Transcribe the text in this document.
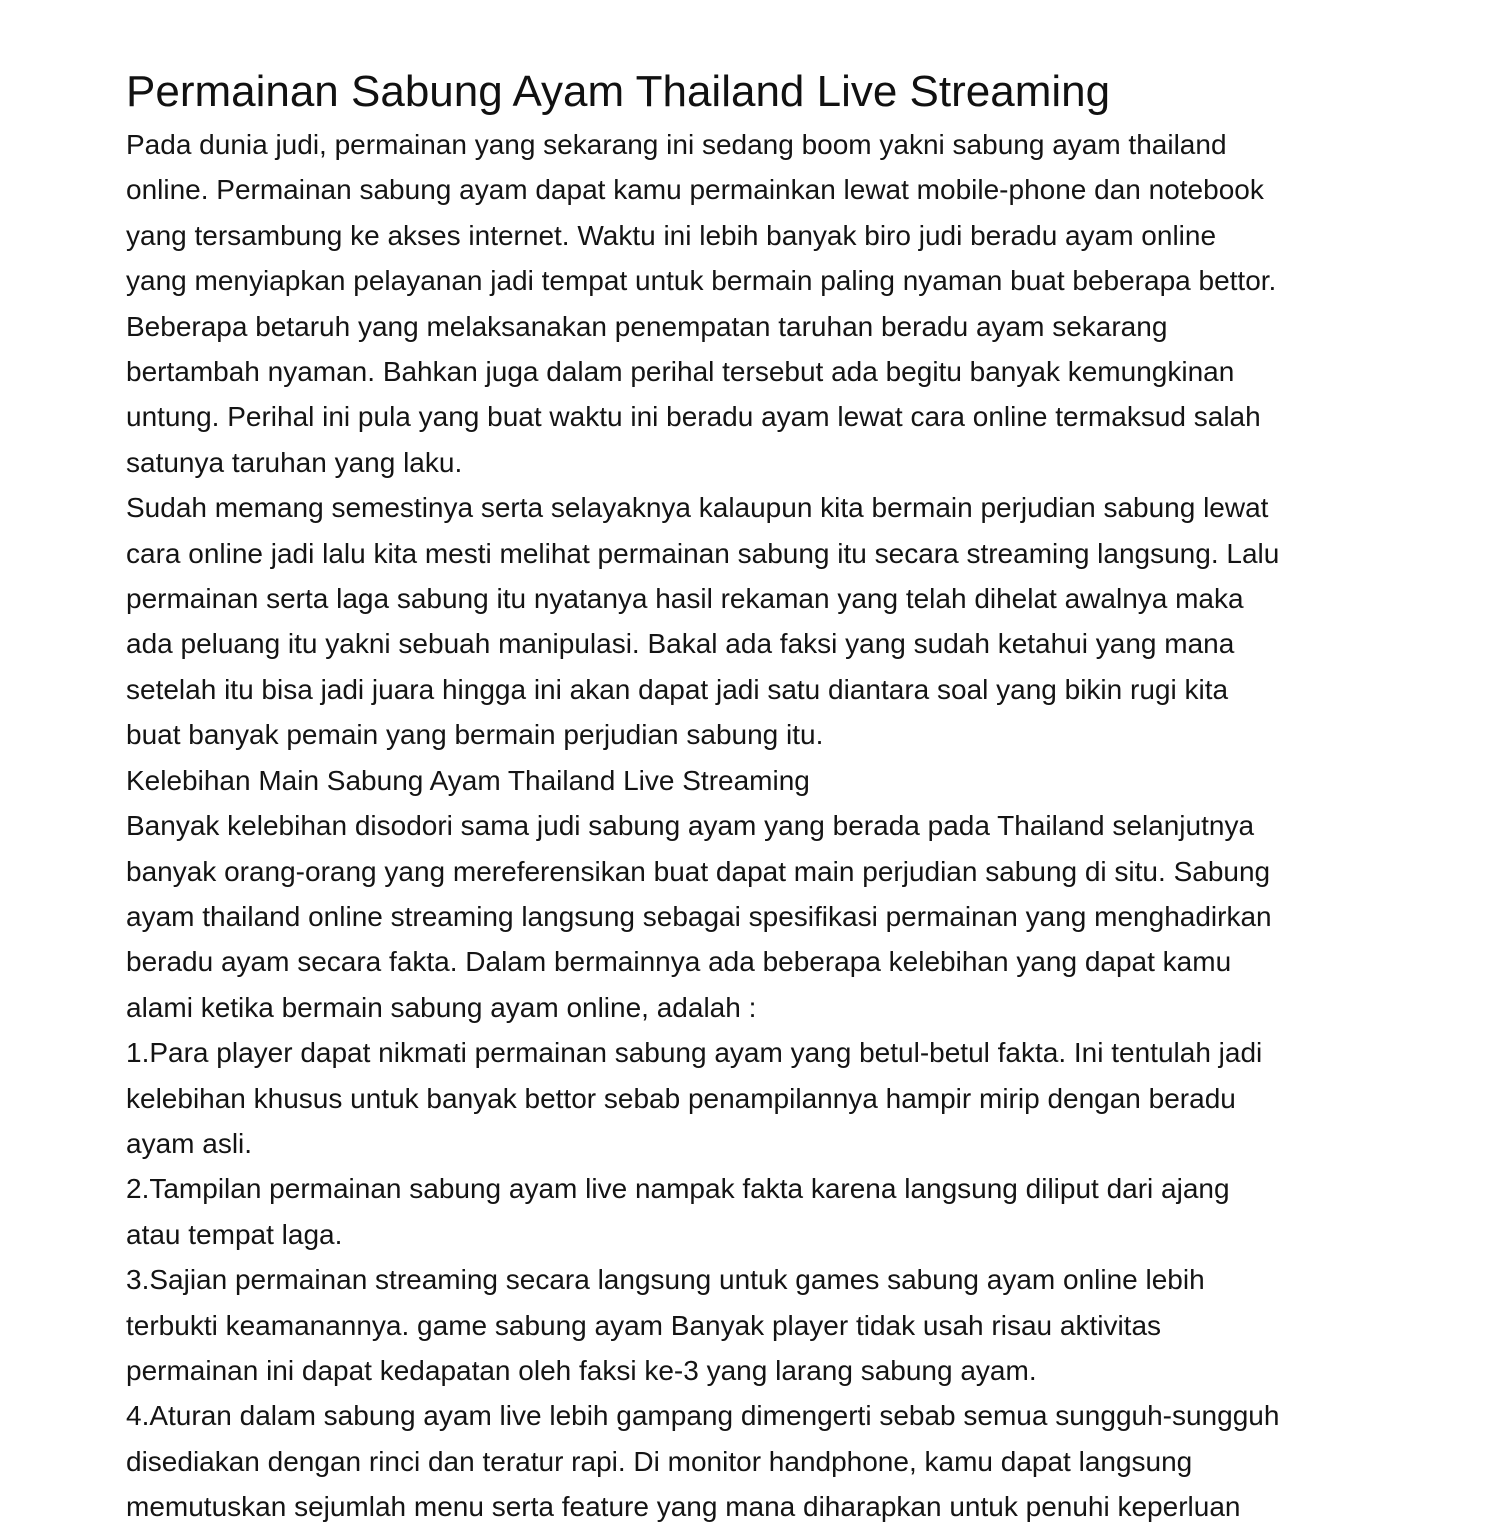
Permainan Sabung Ayam Thailand Live Streaming

Pada dunia judi, permainan yang sekarang ini sedang boom yakni sabung ayam thailand
online. Permainan sabung ayam dapat kamu permainkan lewat mobile-phone dan notebook
yang tersambung ke akses internet. Waktu ini lebih banyak biro judi beradu ayam online
yang menyiapkan pelayanan jadi tempat untuk bermain paling nyaman buat beberapa bettor.
Beberapa betaruh yang melaksanakan penempatan taruhan beradu ayam sekarang
bertambah nyaman. Bahkan juga dalam perihal tersebut ada begitu banyak kemungkinan
untung. Perihal ini pula yang buat waktu ini beradu ayam lewat cara online termaksud salah
satunya taruhan yang laku.

Sudah memang semestinya serta selayaknya kalaupun kita bermain perjudian sabung lewat
cara online jadi lalu kita mesti melihat permainan sabung itu secara streaming langsung. Lalu
permainan serta laga sabung itu nyatanya hasil rekaman yang telah dihelat awalnya maka
ada peluang itu yakni sebuah manipulasi. Bakal ada faksi yang sudah ketahui yang mana
setelah itu bisa jadi juara hingga ini akan dapat jadi satu diantara soal yang bikin rugi kita
buat banyak pemain yang bermain perjudian sabung itu.

Kelebihan Main Sabung Ayam Thailand Live Streaming

Banyak kelebihan disodori sama judi sabung ayam yang berada pada Thailand selanjutnya
banyak orang-orang yang mereferensikan buat dapat main perjudian sabung di situ. Sabung
ayam thailand online streaming langsung sebagai spesifikasi permainan yang menghadirkan
beradu ayam secara fakta. Dalam bermainnya ada beberapa kelebihan yang dapat kamu
alami ketika bermain sabung ayam online, adalah :

1.Para player dapat nikmati permainan sabung ayam yang betul-betul fakta. Ini tentulah jadi
kelebihan khusus untuk banyak bettor sebab penampilannya hampir mirip dengan beradu
ayam asli.

2.Tampilan permainan sabung ayam live nampak fakta karena langsung diliput dari ajang
atau tempat laga.

3.Sajian permainan streaming secara langsung untuk games sabung ayam online lebih
terbukti keamanannya. game sabung ayam Banyak player tidak usah risau aktivitas
permainan ini dapat kedapatan oleh faksi ke-3 yang larang sabung ayam.

4.Aturan dalam sabung ayam live lebih gampang dimengerti sebab semua sungguh-sungguh
disediakan dengan rinci dan teratur rapi. Di monitor handphone, kamu dapat langsung
memutuskan sejumlah menu serta feature yang mana diharapkan untuk penuhi keperluan
